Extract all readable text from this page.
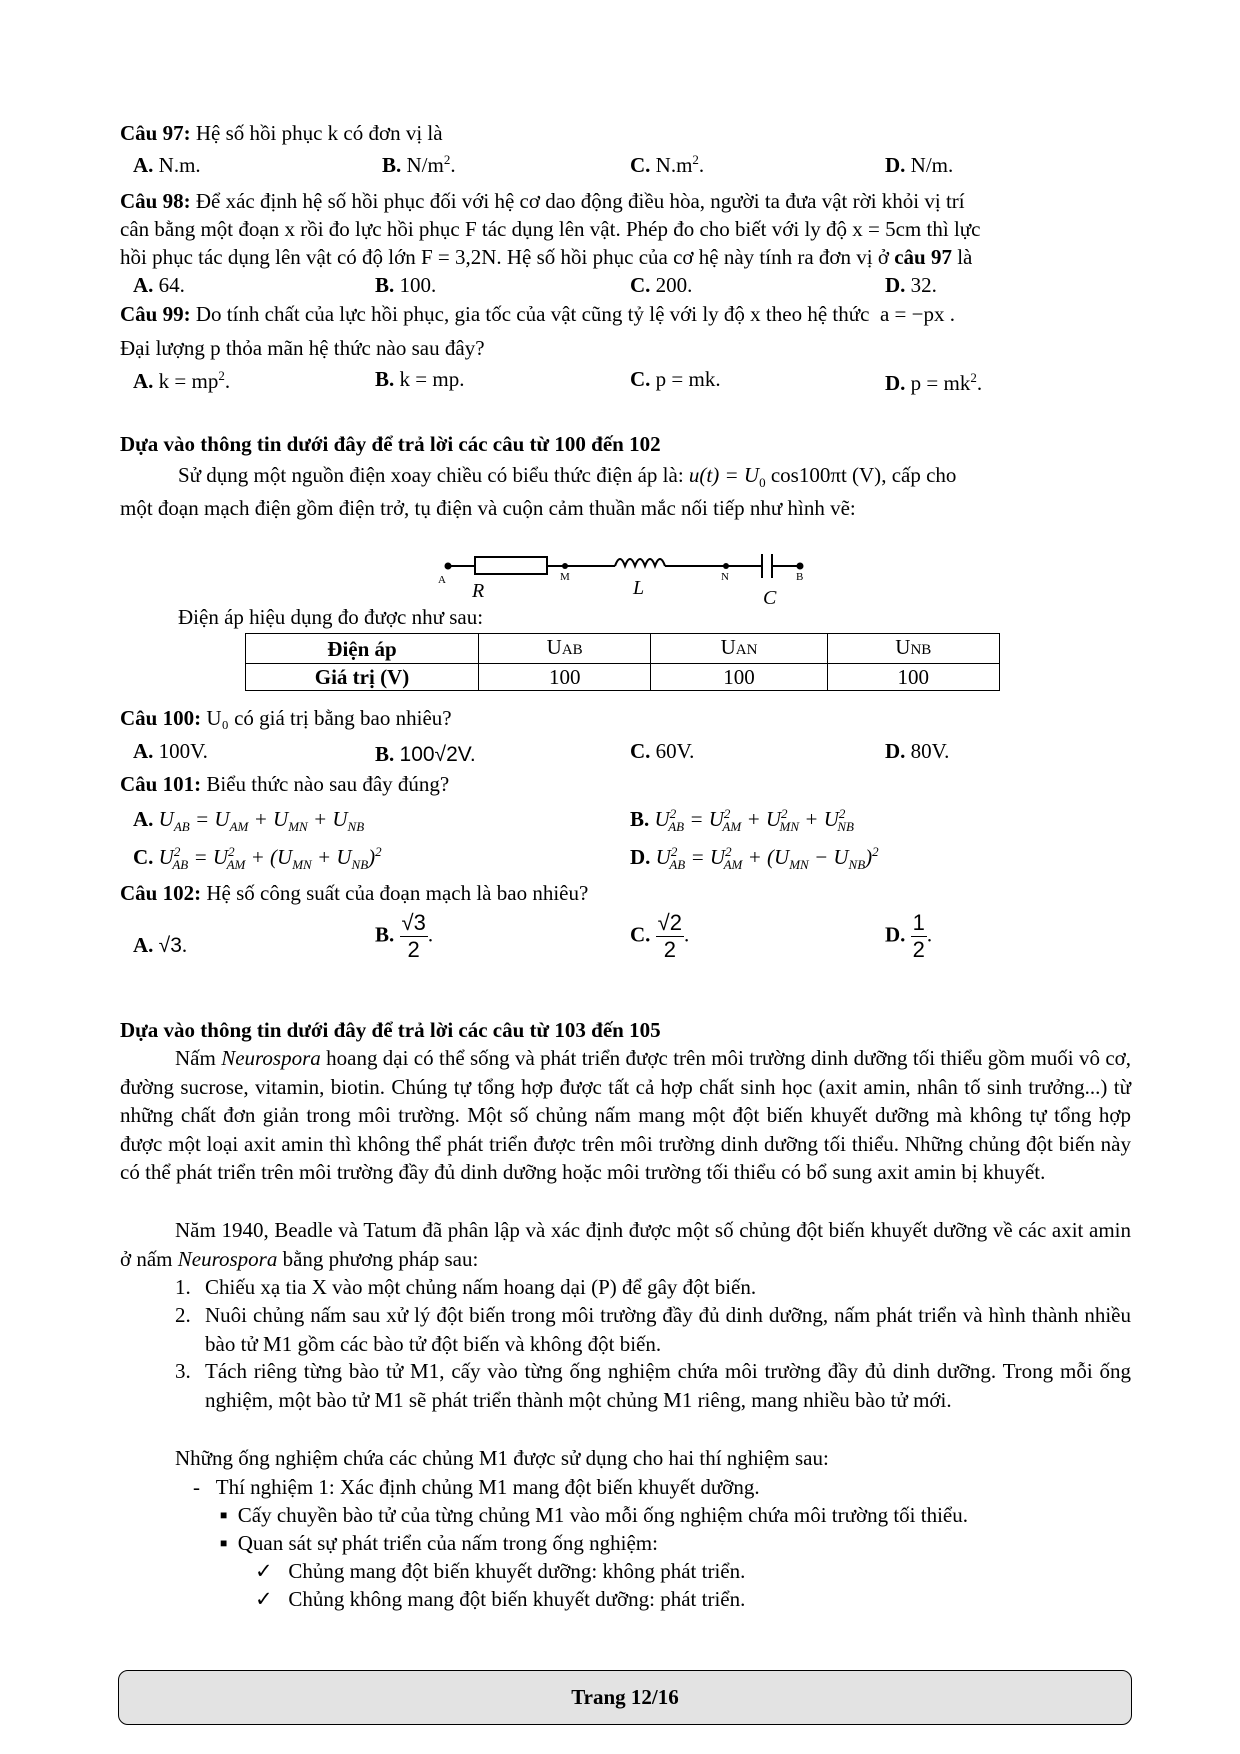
Câu 97: Hệ số hồi phục k có đơn vị là
A. N.m.	B. $N/m^2$.	C. $N.m^2$.	D. N/m.
Câu 98: Để xác định hệ số hồi phục đối với hệ cơ dao động điều hòa, người ta đưa vật rời khỏi vị trí
cân bằng một đoạn x rồi đo lực hồi phục F tác dụng lên vật. Phép đo cho biết với ly độ x = 5cm thì lực
hồi phục tác dụng lên vật có độ lớn F = 3,2N. Hệ số hồi phục của cơ hệ này tính ra đơn vị ở câu 97 là
A. 64.	B. 100.	C. 200.	D. 32.
Câu 99: Do tính chất của lực hồi phục, gia tốc của vật cũng tỷ lệ với ly độ x theo hệ thức a = −px .
Đại lượng p thỏa mãn hệ thức nào sau đây?
A. $k = mp^2$.	B. k = mp.	C. p = mk.	D. $p = mk^2$.
Dựa vào thông tin dưới đây để trả lời các câu từ 100 đến 102
Sử dụng một nguồn điện xoay chiều có biểu thức điện áp là: $u(t) = U_0$ cos100πt (V), cấp cho
một đoạn mạch điện gồm điện trở, tụ điện và cuộn cảm thuần mắc nối tiếp như hình vẽ:
A	M	N	B
R	L	C
Điện áp hiệu dụng đo được như sau:
Điện áp	UAB	UAN	UNB
Giá trị (V)	100	100	100
Câu 100: U₀ có giá trị bằng bao nhiêu?
A. 100V.	B. 100√2V.	C. 60V.	D. 80V.
Câu 101: Biểu thức nào sau đây đúng?
A. $U_{AB} = U_{AM} + U_{MN} + U_{NB}$	B. $U^2_{AB} = U^2_{AM} + U^2_{MN} + U^2_{NB}$
C. $U^2_{AB} = U^2_{AM} + (U_{MN} + U_{NB})^2$	D. $U^2_{AB} = U^2_{AM} + (U_{MN} - U_{NB})^2$
Câu 102: Hệ số công suất của đoạn mạch là bao nhiêu?
A. √3.	B. $\frac{√3}{2}$ .	C. $\frac{√2}{2}$ .	D. $\frac{1}{2}$ .
Dựa vào thông tin dưới đây để trả lời các câu từ 103 đến 105
Nấm Neurospora hoang dại có thể sống và phát triển được trên môi trường dinh dưỡng tối thiểu gồm muối vô cơ, đường sucrose, vitamin, biotin. Chúng tự tổng hợp được tất cả hợp chất sinh học (axit amin, nhân tố sinh trưởng...) từ những chất đơn giản trong môi trường. Một số chủng nấm mang một đột biến khuyết dưỡng mà không tự tổng hợp được một loại axit amin thì không thể phát triển được trên môi trường dinh dưỡng tối thiểu. Những chủng đột biến này có thể phát triển trên môi trường đầy đủ dinh dưỡng hoặc môi trường tối thiểu có bổ sung axit amin bị khuyết.
Năm 1940, Beadle và Tatum đã phân lập và xác định được một số chủng đột biến khuyết dưỡng về các axit amin ở nấm Neurospora bằng phương pháp sau:
1. Chiếu xạ tia X vào một chủng nấm hoang dại (P) để gây đột biến.
2. Nuôi chủng nấm sau xử lý đột biến trong môi trường đầy đủ dinh dưỡng, nấm phát triển và hình thành nhiều bào tử M1 gồm các bào tử đột biến và không đột biến.
3. Tách riêng từng bào tử M1, cấy vào từng ống nghiệm chứa môi trường đầy đủ dinh dưỡng. Trong mỗi ống nghiệm, một bào tử M1 sẽ phát triển thành một chủng M1 riêng, mang nhiều bào tử mới.
Những ống nghiệm chứa các chủng M1 được sử dụng cho hai thí nghiệm sau:
-   Thí nghiệm 1: Xác định chủng M1 mang đột biến khuyết dưỡng.
■ Cấy chuyền bào tử của từng chủng M1 vào mỗi ống nghiệm chứa môi trường tối thiểu.
■ Quan sát sự phát triển của nấm trong ống nghiệm:
✓ Chủng mang đột biến khuyết dưỡng: không phát triển.
✓ Chủng không mang đột biến khuyết dưỡng: phát triển.
Trang 12/16
